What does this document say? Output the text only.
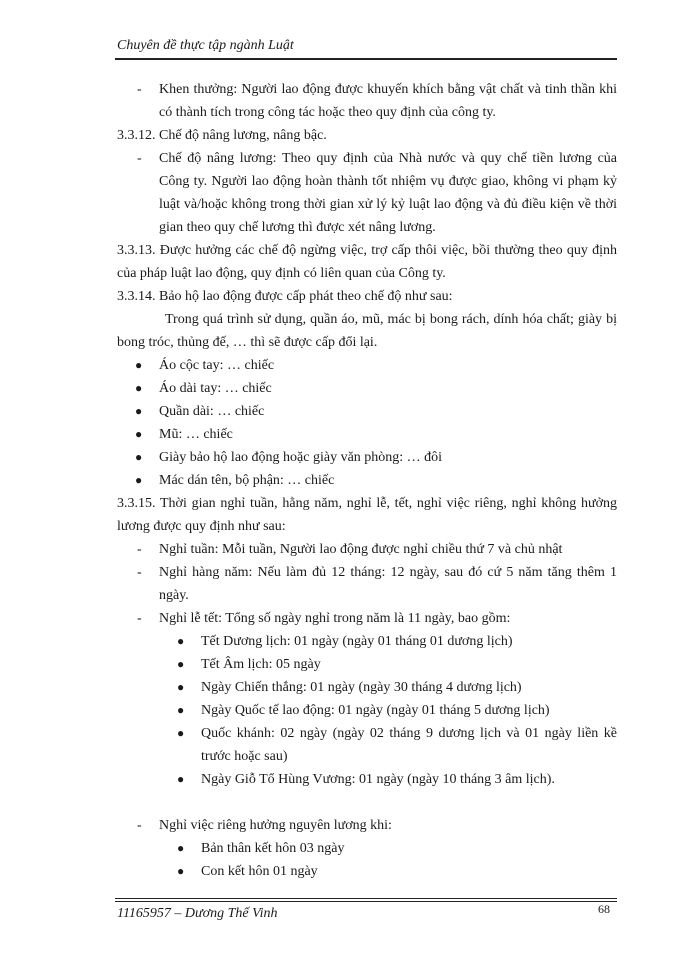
Chuyên đề thực tập ngành Luật
- Khen thưởng: Người lao động được khuyến khích bằng vật chất và tinh thần khi có thành tích trong công tác hoặc theo quy định của công ty.
3.3.12. Chế độ nâng lương, nâng bậc.
- Chế độ nâng lương: Theo quy định của Nhà nước và quy chế tiền lương của Công ty. Người lao động hoàn thành tốt nhiệm vụ được giao, không vi phạm kỷ luật và/hoặc không trong thời gian xử lý kỷ luật lao động và đủ điều kiện về thời gian theo quy chế lương thì được xét nâng lương.
3.3.13. Được hưởng các chế độ ngừng việc, trợ cấp thôi việc, bồi thường theo quy định của pháp luật lao động, quy định có liên quan của Công ty.
3.3.14. Bảo hộ lao động được cấp phát theo chế độ như sau:
Trong quá trình sử dụng, quần áo, mũ, mác bị bong rách, dính hóa chất; giày bị bong tróc, thủng đế, … thì sẽ được cấp đổi lại.
● Áo cộc tay: … chiếc
● Áo dài tay: … chiếc
● Quần dài: … chiếc
● Mũ: … chiếc
● Giày bảo hộ lao động hoặc giày văn phòng: … đôi
● Mác dán tên, bộ phận: … chiếc
3.3.15. Thời gian nghỉ tuần, hằng năm, nghỉ lễ, tết, nghỉ việc riêng, nghỉ không hưởng lương được quy định như sau:
- Nghỉ tuần: Mỗi tuần, Người lao động được nghỉ chiều thứ 7 và chủ nhật
- Nghỉ hàng năm: Nếu làm đủ 12 tháng: 12 ngày, sau đó cứ 5 năm tăng thêm 1 ngày.
- Nghỉ lễ tết: Tổng số ngày nghỉ trong năm là 11 ngày, bao gồm:
● Tết Dương lịch: 01 ngày (ngày 01 tháng 01 dương lịch)
● Tết Âm lịch: 05 ngày
● Ngày Chiến thắng: 01 ngày (ngày 30 tháng 4 dương lịch)
● Ngày Quốc tế lao động: 01 ngày (ngày 01 tháng 5 dương lịch)
● Quốc khánh: 02 ngày (ngày 02 tháng 9 dương lịch và 01 ngày liền kề trước hoặc sau)
● Ngày Giỗ Tổ Hùng Vương: 01 ngày (ngày 10 tháng 3 âm lịch).
- Nghỉ việc riêng hưởng nguyên lương khi:
● Bản thân kết hôn 03 ngày
● Con kết hôn 01 ngày
11165957 – Dương Thế Vinh	68
